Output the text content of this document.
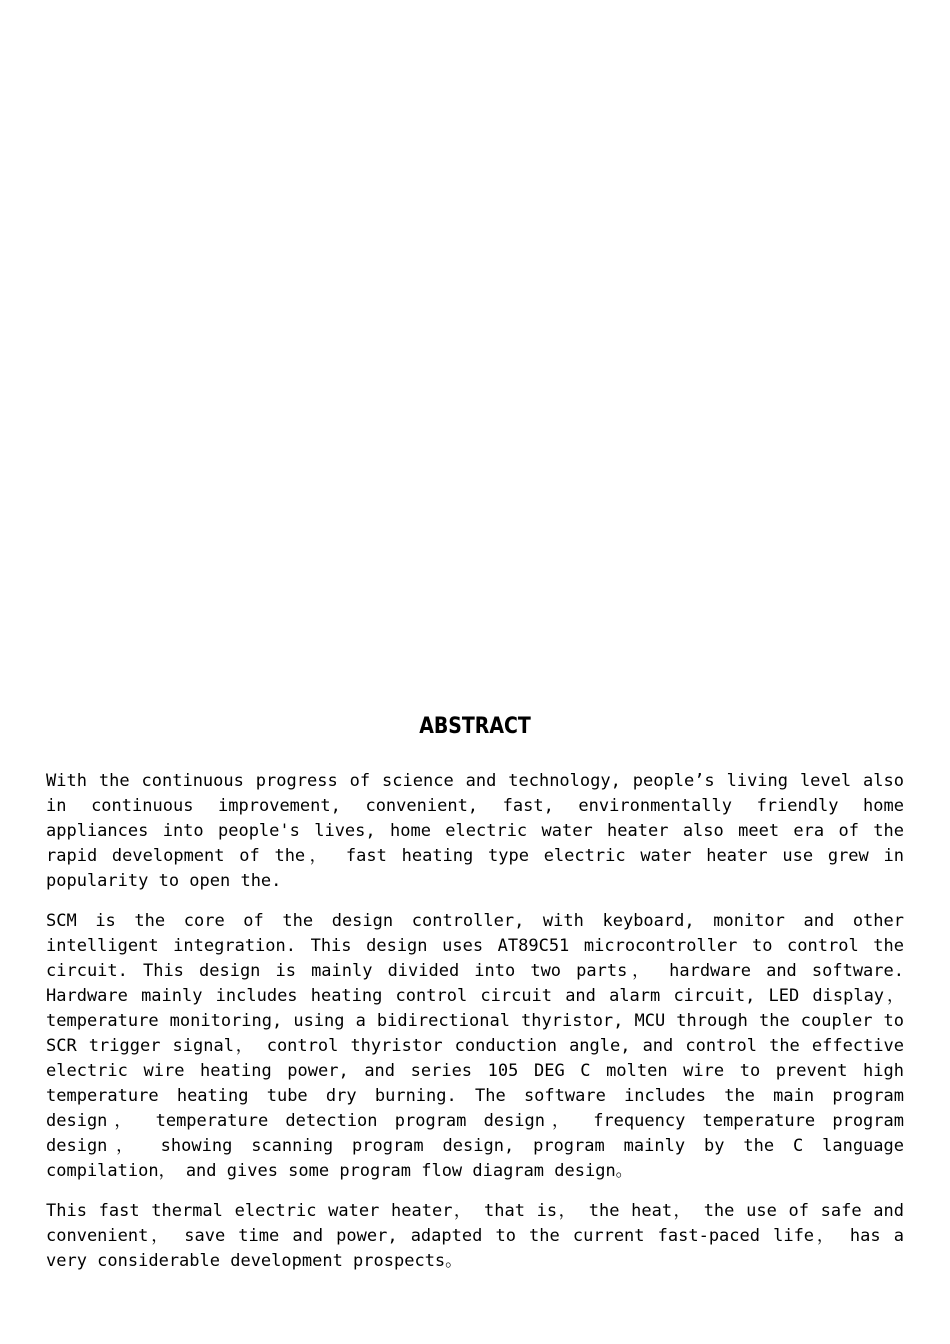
ABSTRACT

With the continuous progress of science and technology, people’s living level also in continuous improvement, convenient, fast, environmentally friendly home appliances into people's lives, home electric water heater also meet era of the rapid development of the， fast heating type electric water heater use grew in popularity to open the.

SCM is the core of the design controller, with keyboard, monitor and other intelligent integration. This design uses AT89C51 microcontroller to control the circuit. This design is mainly divided into two parts， hardware and software. Hardware mainly includes heating control circuit and alarm circuit, LED display， temperature monitoring, using a bidirectional thyristor, MCU through the coupler to SCR trigger signal， control thyristor conduction angle, and control the effective electric wire heating power, and series 105 DEG C molten wire to prevent high temperature heating tube dry burning. The software includes the main program design， temperature detection program design， frequency temperature program design， showing scanning program design, program mainly by the C language compilation， and gives some program flow diagram design。

This fast thermal electric water heater， that is， the heat， the use of safe and convenient， save time and power, adapted to the current fast-paced life， has a very considerable development prospects。
